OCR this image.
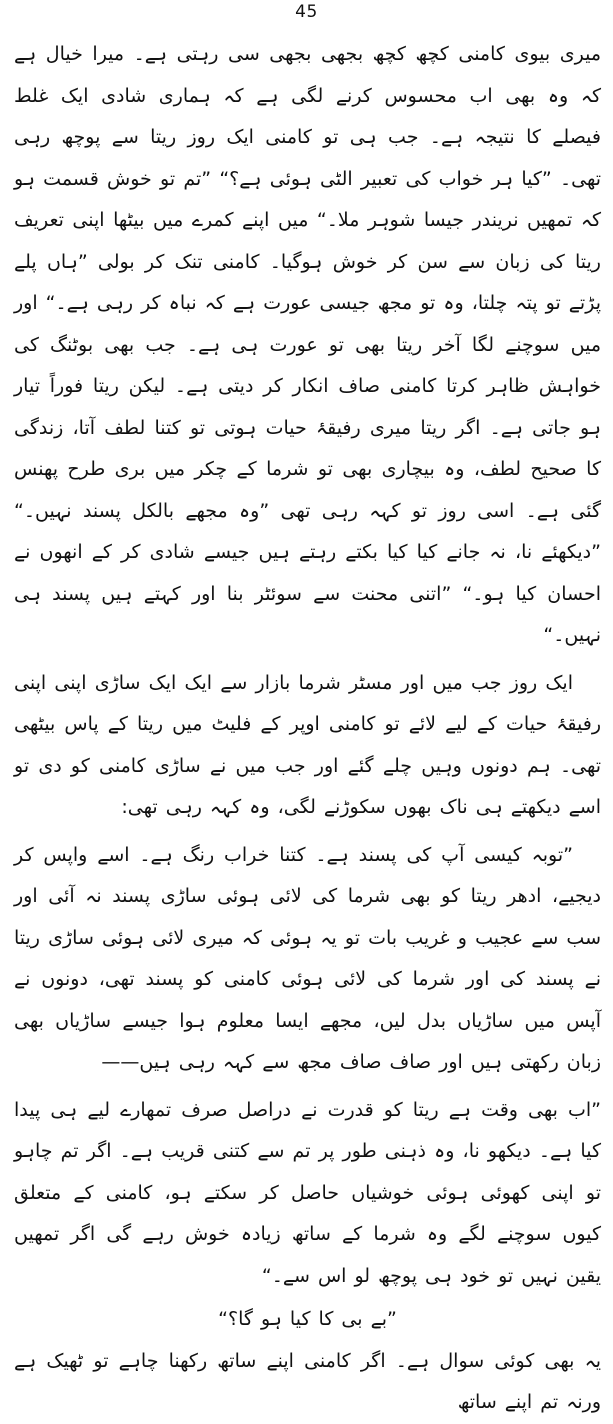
45

میری بیوی کامنی کچھ کچھ بجھی بجھی سی رہتی ہے۔ میرا خیال ہے کہ وہ بھی اب محسوس کرنے لگی ہے کہ ہماری شادی ایک غلط فیصلے کا نتیجہ ہے۔ جب ہی تو کامنی ایک روز ریتا سے پوچھ رہی تھی۔ ”کیا ہر خواب کی تعبیر الٹی ہوئی ہے؟“ ”تم تو خوش قسمت ہو کہ تمھیں نریندر جیسا شوہر ملا۔“ میں اپنے کمرے میں بیٹھا اپنی تعریف ریتا کی زبان سے سن کر خوش ہوگیا۔ کامنی تنک کر بولی ”ہاں پلے پڑتے تو پتہ چلتا، وہ تو مجھ جیسی عورت ہے کہ نباہ کر رہی ہے۔“ اور میں سوچنے لگا آخر ریتا بھی تو عورت ہی ہے۔ جب بھی بوٹنگ کی خواہش ظاہر کرتا کامنی صاف انکار کر دیتی ہے۔ لیکن ریتا فوراً تیار ہو جاتی ہے۔ اگر ریتا میری رفیقۂ حیات ہوتی تو کتنا لطف آتا، زندگی کا صحیح لطف، وہ بیچاری بھی تو شرما کے چکر میں بری طرح پھنس گئی ہے۔ اسی روز تو کہہ رہی تھی ”وہ مجھے بالکل پسند نہیں۔“ ”دیکھئے نا، نہ جانے کیا کیا بکتے رہتے ہیں جیسے شادی کر کے انھوں نے احسان کیا ہو۔“ ”اتنی محنت سے سوئٹر بنا اور کہتے ہیں پسند ہی نہیں۔“

ایک روز جب میں اور مسٹر شرما بازار سے ایک ایک ساڑی اپنی اپنی رفیقۂ حیات کے لیے لائے تو کامنی اوپر کے فلیٹ میں ریتا کے پاس بیٹھی تھی۔ ہم دونوں وہیں چلے گئے اور جب میں نے ساڑی کامنی کو دی تو اسے دیکھتے ہی ناک بھوں سکوڑنے لگی، وہ کہہ رہی تھی:

”توبہ کیسی آپ کی پسند ہے۔ کتنا خراب رنگ ہے۔ اسے واپس کر دیجیے، ادھر ریتا کو بھی شرما کی لائی ہوئی ساڑی پسند نہ آئی اور سب سے عجیب و غریب بات تو یہ ہوئی کہ میری لائی ہوئی ساڑی ریتا نے پسند کی اور شرما کی لائی ہوئی کامنی کو پسند تھی، دونوں نے آپس میں ساڑیاں بدل لیں، مجھے ایسا معلوم ہوا جیسے ساڑیاں بھی زبان رکھتی ہیں اور صاف صاف مجھ سے کہہ رہی ہیں——

”اب بھی وقت ہے ریتا کو قدرت نے دراصل صرف تمھارے لیے ہی پیدا کیا ہے۔ دیکھو نا، وہ ذہنی طور پر تم سے کتنی قریب ہے۔ اگر تم چاہو تو اپنی کھوئی ہوئی خوشیاں حاصل کر سکتے ہو، کامنی کے متعلق کیوں سوچنے لگے وہ شرما کے ساتھ زیادہ خوش رہے گی اگر تمھیں یقین نہیں تو خود ہی پوچھ لو اس سے۔“

”بے بی کا کیا ہو گا؟“

یہ بھی کوئی سوال ہے۔ اگر کامنی اپنے ساتھ رکھنا چاہے تو ٹھیک ہے ورنہ تم اپنے ساتھ
